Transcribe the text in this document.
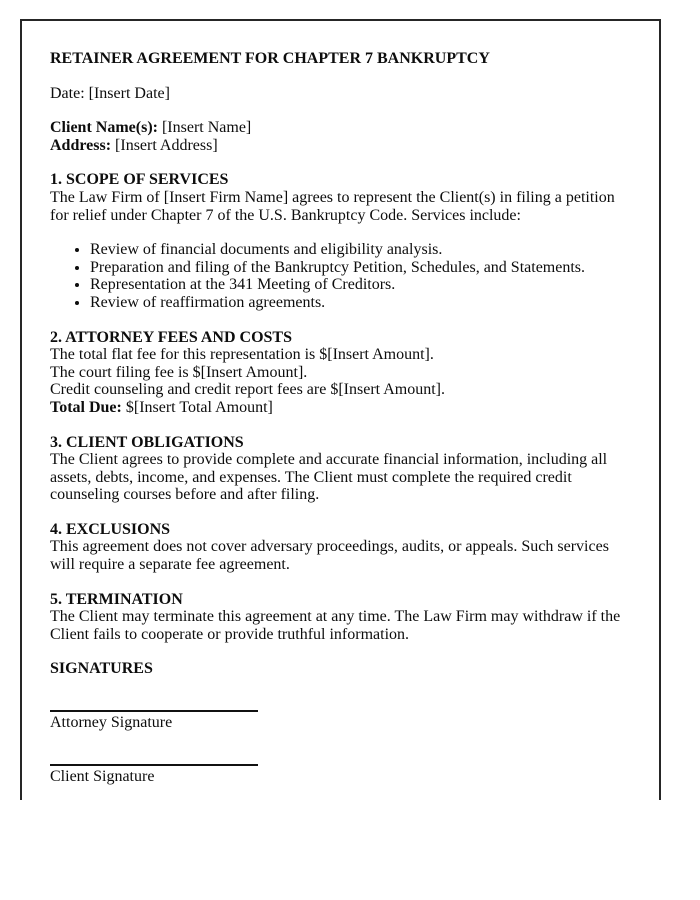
RETAINER AGREEMENT FOR CHAPTER 7 BANKRUPTCY

Date: [Insert Date]

Client Name(s): [Insert Name]
Address: [Insert Address]

1. SCOPE OF SERVICES
The Law Firm of [Insert Firm Name] agrees to represent the Client(s) in filing a petition for relief under Chapter 7 of the U.S. Bankruptcy Code. Services include:

• Review of financial documents and eligibility analysis.
• Preparation and filing of the Bankruptcy Petition, Schedules, and Statements.
• Representation at the 341 Meeting of Creditors.
• Review of reaffirmation agreements.

2. ATTORNEY FEES AND COSTS
The total flat fee for this representation is $[Insert Amount].
The court filing fee is $[Insert Amount].
Credit counseling and credit report fees are $[Insert Amount].
Total Due: $[Insert Total Amount]

3. CLIENT OBLIGATIONS
The Client agrees to provide complete and accurate financial information, including all assets, debts, income, and expenses. The Client must complete the required credit counseling courses before and after filing.

4. EXCLUSIONS
This agreement does not cover adversary proceedings, audits, or appeals. Such services will require a separate fee agreement.

5. TERMINATION
The Client may terminate this agreement at any time. The Law Firm may withdraw if the Client fails to cooperate or provide truthful information.

SIGNATURES

Attorney Signature
Client Signature
